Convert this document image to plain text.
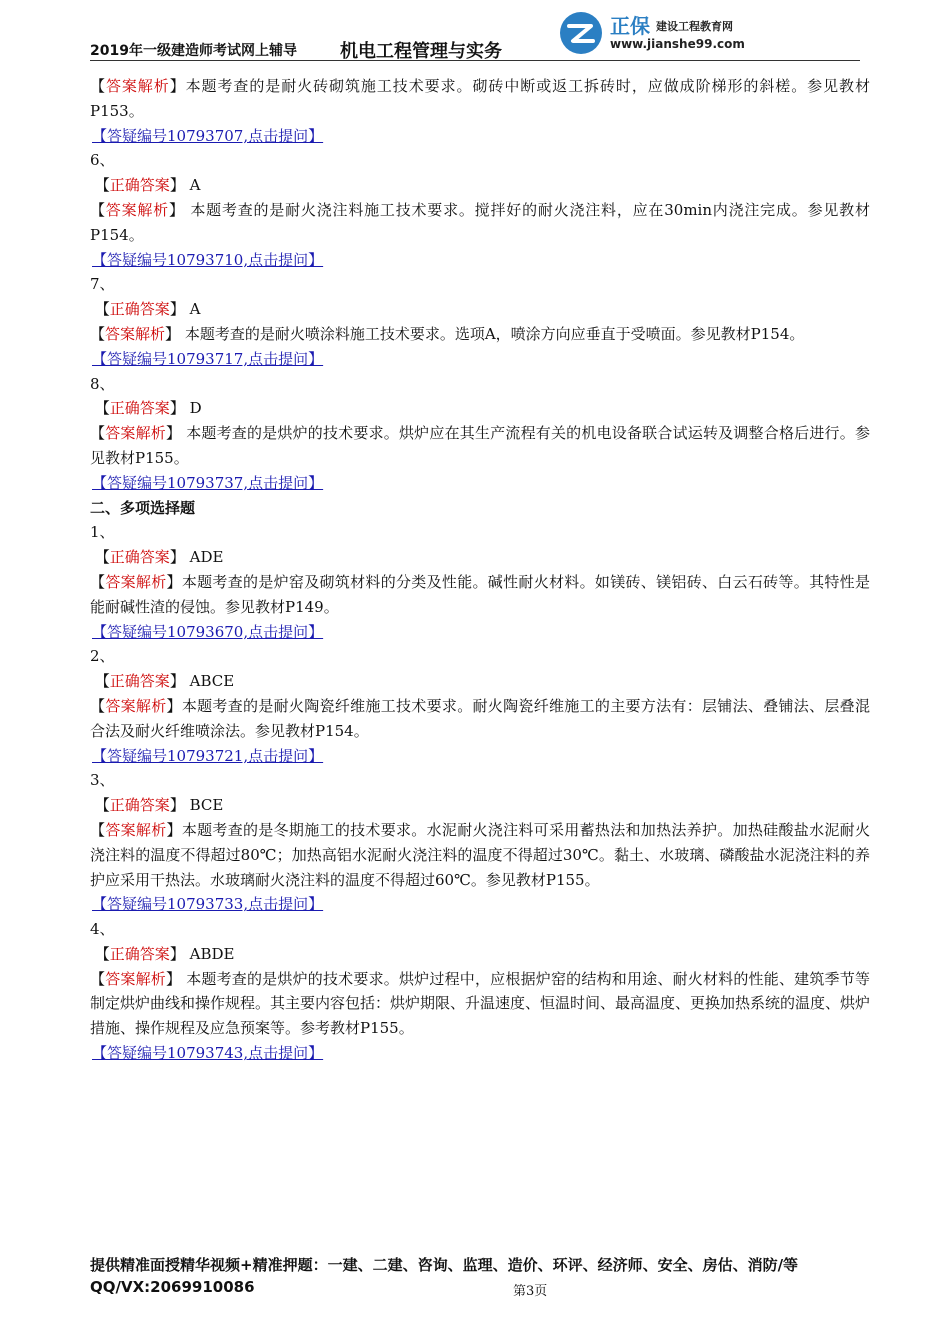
2019年一级建造师考试网上辅导 机电工程管理与实务
正保 建设工程教育网
www.jianshe99.com
【答案解析】本题考查的是耐火砖砌筑施工技术要求。砌砖中断或返工拆砖时，应做成阶梯形的斜槎。参见教材P153。
【答疑编号10793707,点击提问】
6、
【正确答案】 A
【答案解析】 本题考查的是耐火浇注料施工技术要求。搅拌好的耐火浇注料，应在30min内浇注完成。参见教材P154。
【答疑编号10793710,点击提问】
7、
【正确答案】 A
【答案解析】 本题考查的是耐火喷涂料施工技术要求。选项A，喷涂方向应垂直于受喷面。参见教材P154。
【答疑编号10793717,点击提问】
8、
【正确答案】 D
【答案解析】 本题考查的是烘炉的技术要求。烘炉应在其生产流程有关的机电设备联合试运转及调整合格后进行。参见教材P155。
【答疑编号10793737,点击提问】
二、多项选择题
1、
【正确答案】 ADE
【答案解析】本题考查的是炉窑及砌筑材料的分类及性能。碱性耐火材料。如镁砖、镁铝砖、白云石砖等。其特性是能耐碱性渣的侵蚀。参见教材P149。
【答疑编号10793670,点击提问】
2、
【正确答案】 ABCE
【答案解析】本题考查的是耐火陶瓷纤维施工技术要求。耐火陶瓷纤维施工的主要方法有：层铺法、叠铺法、层叠混合法及耐火纤维喷涂法。参见教材P154。
【答疑编号10793721,点击提问】
3、
【正确答案】 BCE
【答案解析】本题考查的是冬期施工的技术要求。水泥耐火浇注料可采用蓄热法和加热法养护。加热硅酸盐水泥耐火浇注料的温度不得超过80℃；加热高铝水泥耐火浇注料的温度不得超过30℃。黏土、水玻璃、磷酸盐水泥浇注料的养护应采用干热法。水玻璃耐火浇注料的温度不得超过60℃。参见教材P155。
【答疑编号10793733,点击提问】
4、
【正确答案】 ABDE
【答案解析】 本题考查的是烘炉的技术要求。烘炉过程中，应根据炉窑的结构和用途、耐火材料的性能、建筑季节等制定烘炉曲线和操作规程。其主要内容包括：烘炉期限、升温速度、恒温时间、最高温度、更换加热系统的温度、烘炉措施、操作规程及应急预案等。参考教材P155。
【答疑编号10793743,点击提问】
提供精准面授精华视频+精准押题：一建、二建、咨询、监理、造价、环评、经济师、安全、房估、消防/等
QQ/VX:2069910086	第3页
